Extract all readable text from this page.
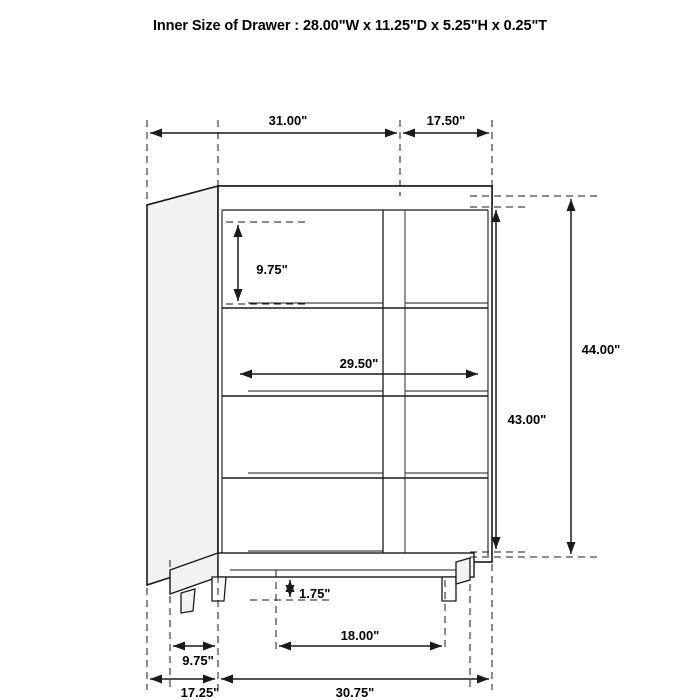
Inner Size of Drawer : 28.00"W x 11.25"D x 5.25"H x 0.25"T
31.00"	17.50"
9.75"
29.50"
44.00"
43.00"
1.75"
18.00"
9.75"
17.25"	30.75"
